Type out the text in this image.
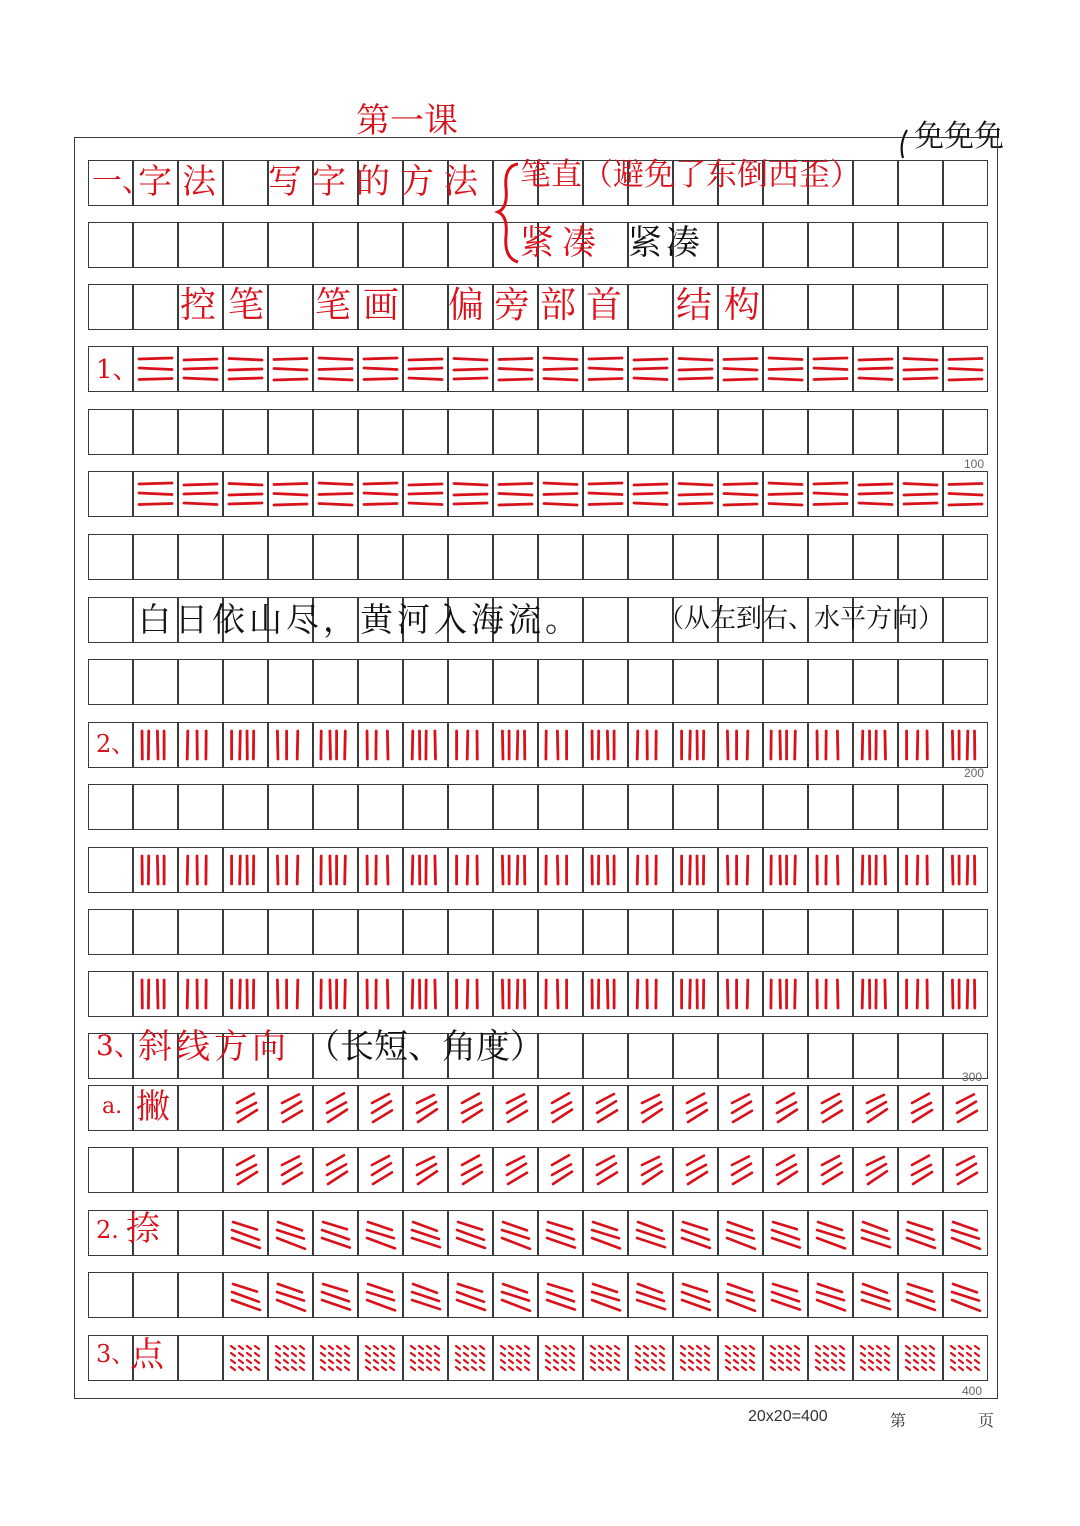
第一课	免免免
一、
字法 写字的方法 笔直（避免了东倒西歪）
紧凑 紧凑
控笔 笔画 偏旁部首 结构
1、
2、
白日依山尽，黄河入海流。	（从左到右、水平方向）
3、
斜线方向 （长短、角度）
a. 撇
2. 捺
3、
点
100
200
300
400
20x20=400	第	页
